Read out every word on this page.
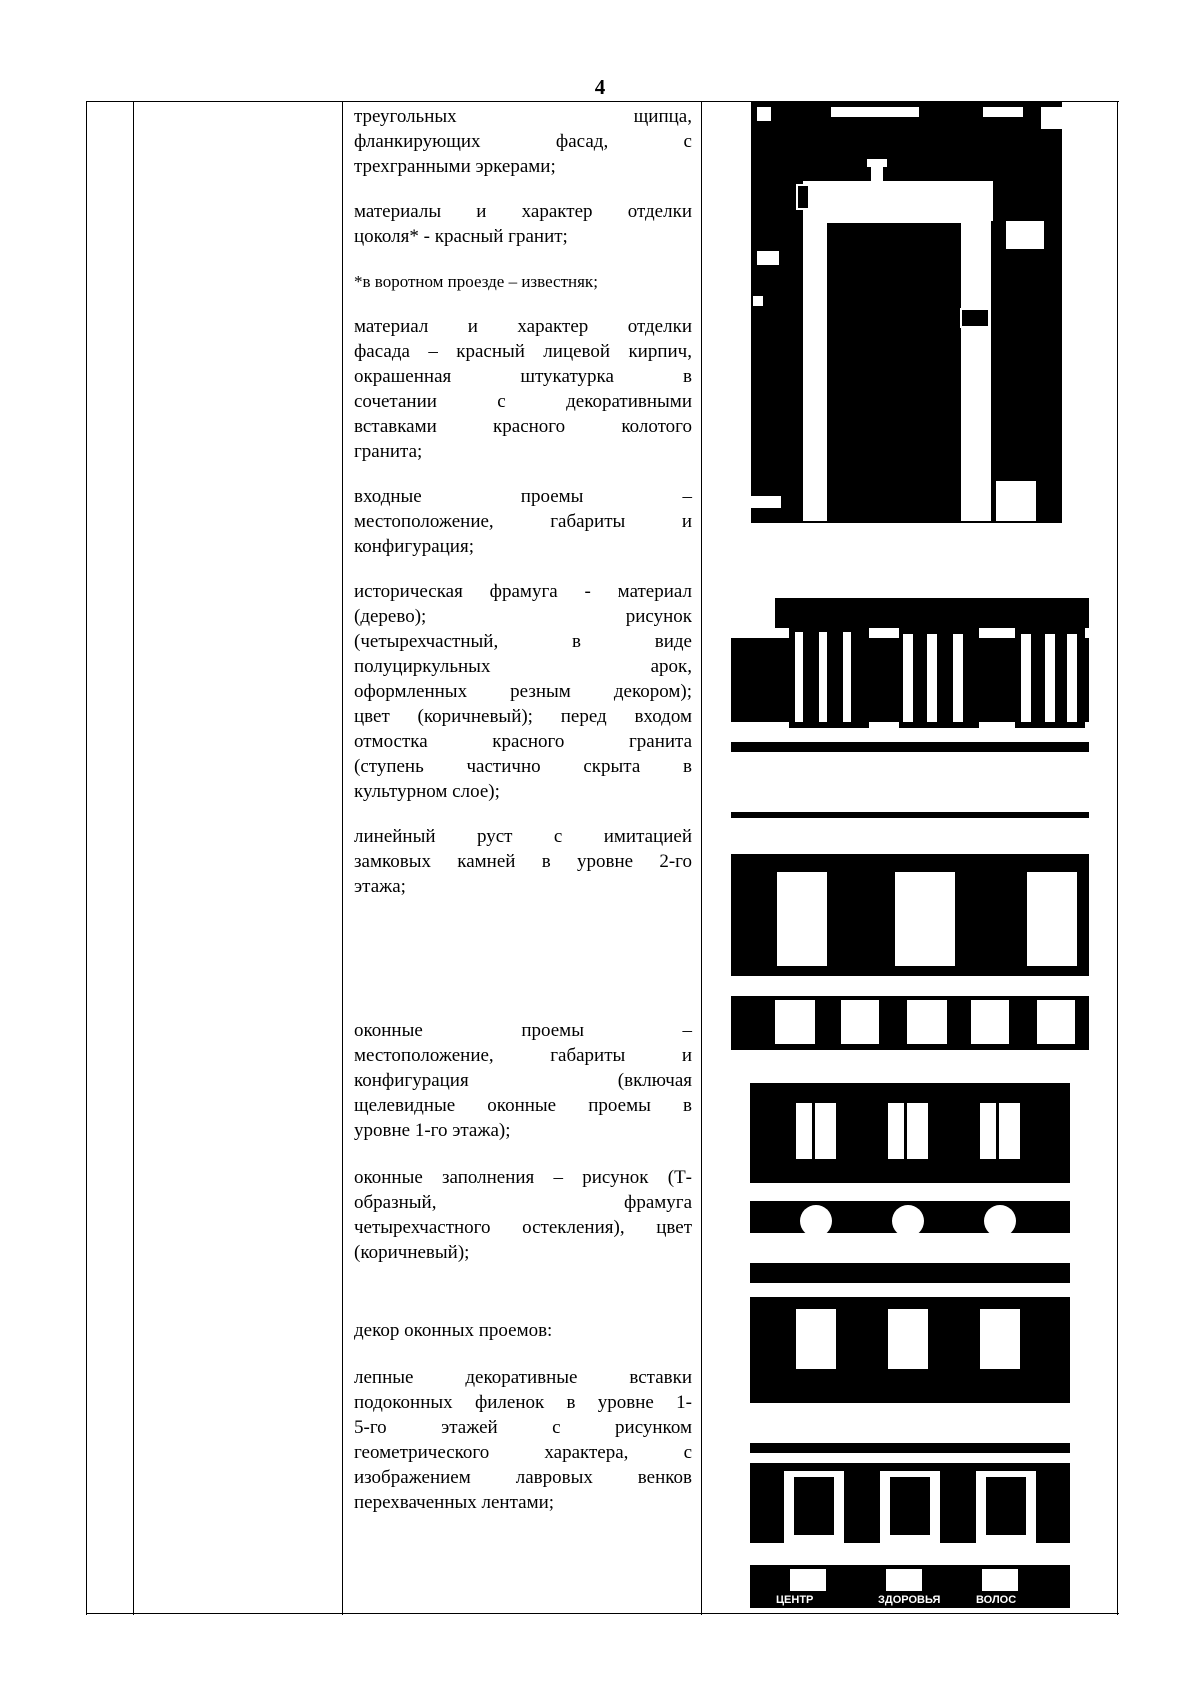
4
треугольных щипца,
фланкирующих фасад, с
трехгранными эркерами;
материалы и характер отделки
цоколя* - красный гранит;
*в воротном проезде – известняк;
материал и характер отделки
фасада – красный лицевой кирпич,
окрашенная штукатурка в
сочетании с декоративными
вставками красного колотого
гранита;
входные проемы –
местоположение, габариты и
конфигурация;
историческая фрамуга - материал
(дерево); рисунок
(четырехчастный, в виде
полуциркульных арок,
оформленных резным декором);
цвет (коричневый); перед входом
отмостка красного гранита
(ступень частично скрыта в
культурном слое);
линейный руст с имитацией
замковых камней в уровне 2-го
этажа;
оконные проемы –
местоположение, габариты и
конфигурация (включая
щелевидные оконные проемы в
уровне 1-го этажа);
оконные заполнения – рисунок (Т-
образный, фрамуга
четырехчастного остекления), цвет
(коричневый);
декор оконных проемов:
лепные декоративные вставки
подоконных филенок в уровне 1-
5-го этажей с рисунком
геометрического характера, с
изображением лавровых венков
перехваченных лентами;
ЦЕНТР	ЗДОРОВЬЯ	ВОЛОС
